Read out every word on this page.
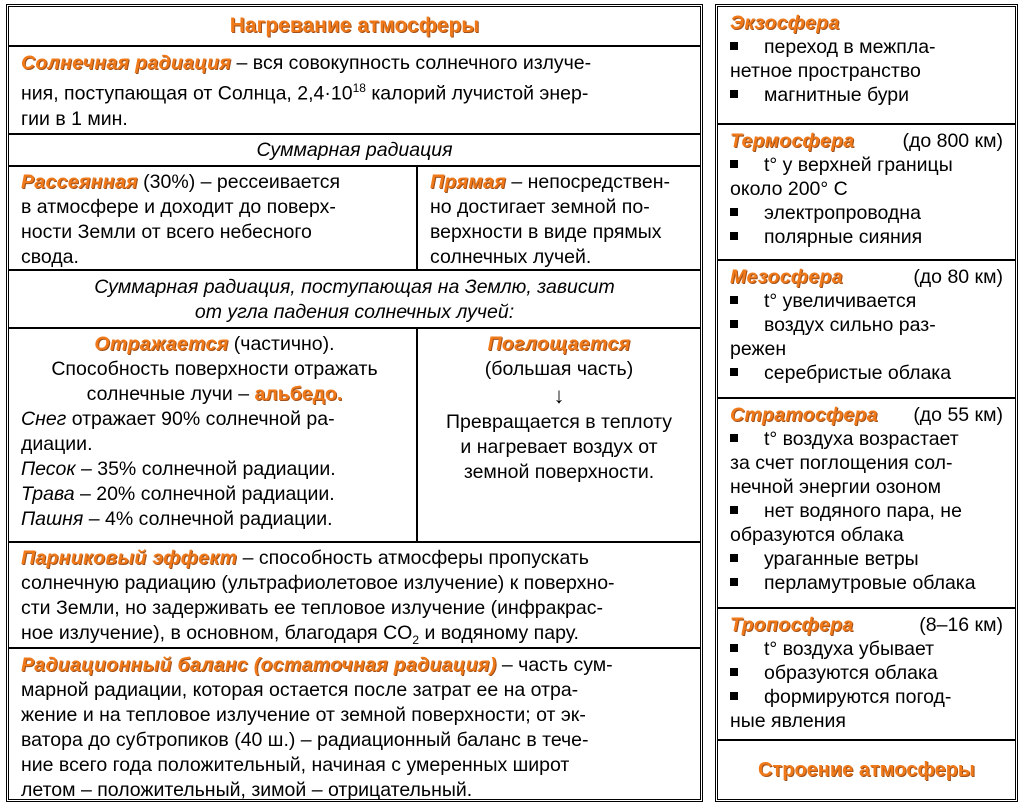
Нагревание атмосферы
Солнечная радиация – вся совокупность солнечного излуче-
ния, поступающая от Солнца, $2,4\cdot 10^{18}$ калорий лучистой энер-
гии в 1 мин.
Суммарная радиация
Рассеянная (30%) – рессеивается
в атмосфере и доходит до поверх-
ности Земли от всего небесного
свода.
Прямая – непосредствен-
но достигает земной по-
верхности в виде прямых
солнечных лучей.
Суммарная радиация, поступающая на Землю, зависит
от угла падения солнечных лучей:
Отражается (частично).
Способность поверхности отражать
солнечные лучи – альбедо.
Снег отражает 90% солнечной ра-
диации.
Песок – 35% солнечной радиации.
Трава – 20% солнечной радиации.
Пашня – 4% солнечной радиации.
Поглощается
(большая часть)
↓
Превращается в теплоту
и нагревает воздух от
земной поверхности.
Парниковый эффект – способность атмосферы пропускать
солнечную радиацию (ультрафиолетовое излучение) к поверхно-
сти Земли, но задерживать ее тепловое излучение (инфракрас-
ное излучение), в основном, благодаря $CO_2$ и водяному пару.
Радиационный баланс (остаточная радиация) – часть сум-
марной радиации, которая остается после затрат ее на отра-
жение и на тепловое излучение от земной поверхности; от эк-
ватора до субтропиков (40 ш.) – радиационный баланс в тече-
ние всего года положительный, начиная с умеренных широт
летом – положительный, зимой – отрицательный.
Экзосфера
переход в межпла-
нетное пространство
магнитные бури
Термосфера (до 800 км)
t° у верхней границы
около 200° С
электропроводна
полярные сияния
Мезосфера	(до 80 км)
t° увеличивается
воздух сильно раз-
режен
серебристые облака
Стратосфера (до 55 км)
t° воздуха возрастает
за счет поглощения сол-
нечной энергии озоном
нет водяного пара, не
образуются облака
ураганные ветры
перламутровые облака
Тропосфера	(8–16 км)
t° воздуха убывает
образуются облака
формируются погод-
ные явления
Строение атмосферы
